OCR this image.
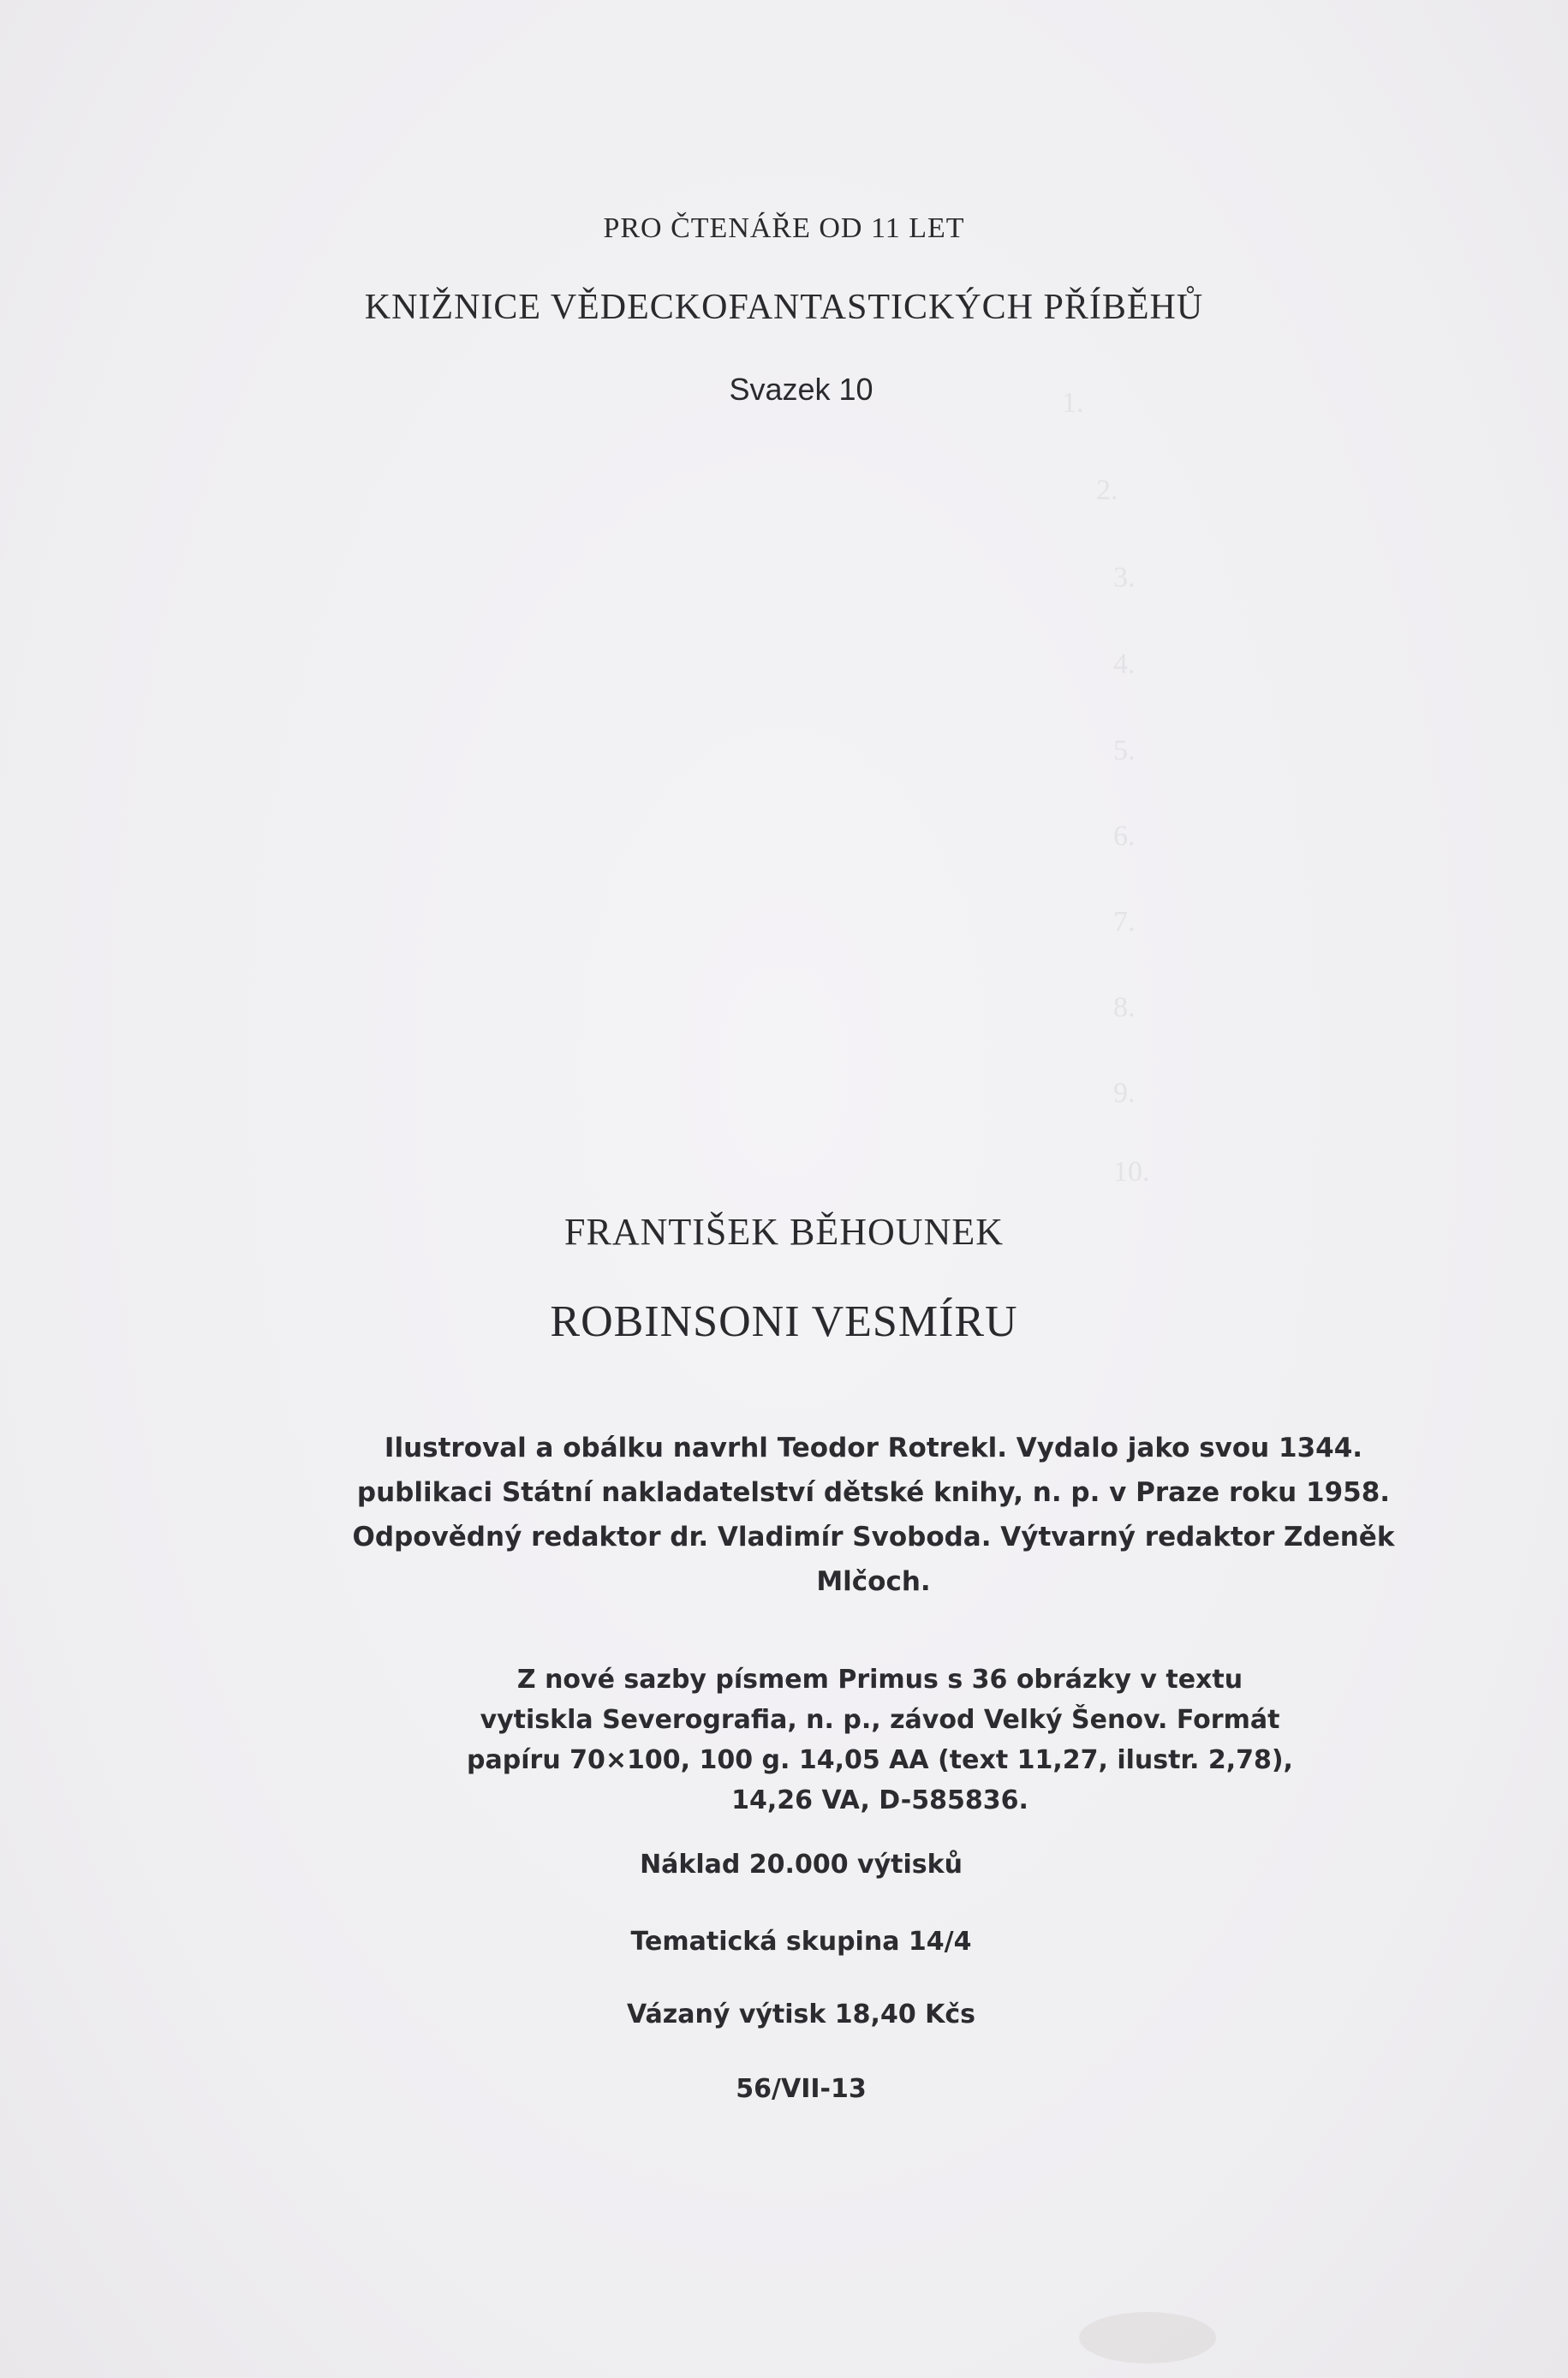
1.
2.
3.
4.
5.
6.
7.
8.
9.
10.
PRO ČTENÁŘE OD 11 LET
KNIŽNICE VĚDECKOFANTASTICKÝCH PŘÍBĚHŮ
Svazek 10
FRANTIŠEK BĚHOUNEK
ROBINSONI VESMÍRU
Ilustroval a obálku navrhl Teodor Rotrekl. Vydalo jako svou 1344. publikaci Státní nakladatelství dětské knihy, n. p. v Praze roku 1958. Odpovědný redaktor dr. Vladimír Svoboda. Výtvarný redaktor Zdeněk Mlčoch.
Z nové sazby písmem Primus s 36 obrázky v textu vytiskla Severografia, n. p., závod Velký Šenov. Formát papíru 70×100, 100 g. 14,05 AA (text 11,27, ilustr. 2,78), 14,26 VA, D-585836.
Náklad 20.000 výtisků
Tematická skupina 14/4
Vázaný výtisk 18,40 Kčs
56/VII-13
